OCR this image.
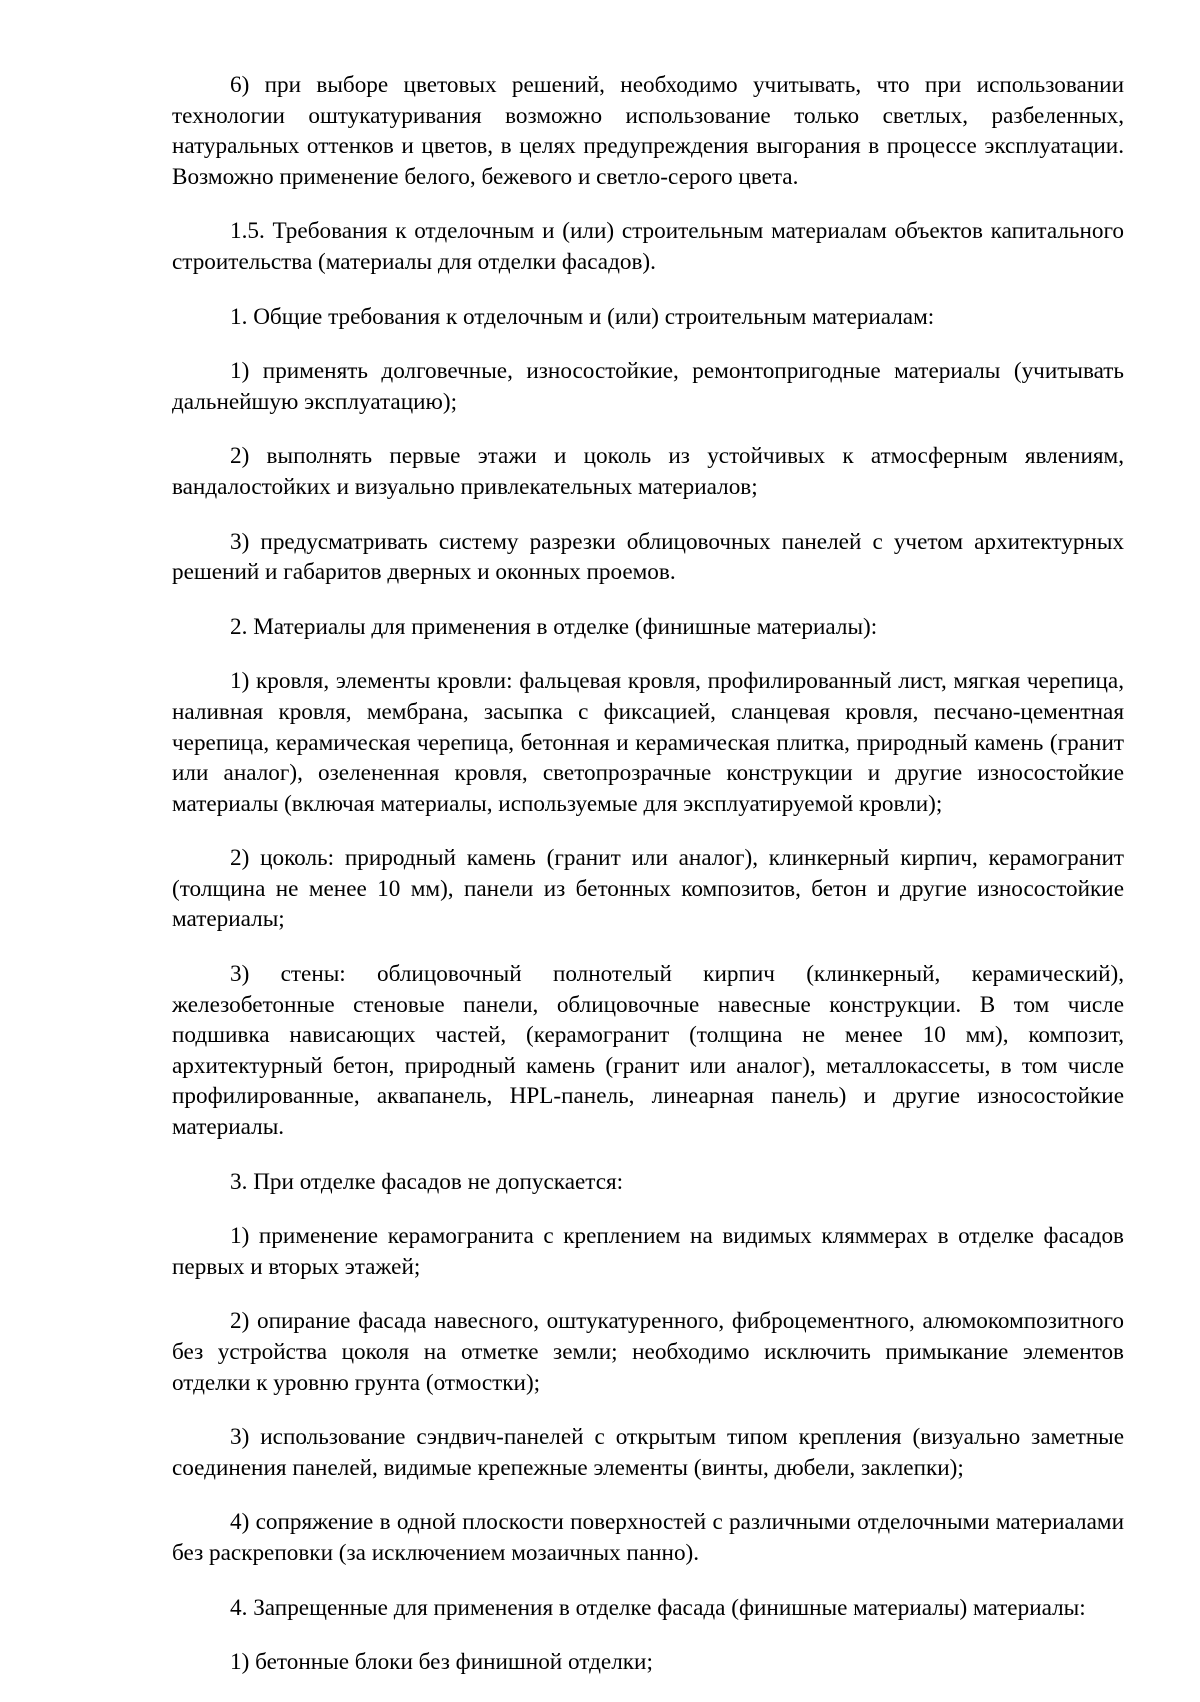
6) при выборе цветовых решений, необходимо учитывать, что при использовании технологии оштукатуривания возможно использование только светлых, разбеленных, натуральных оттенков и цветов, в целях предупреждения выгорания в процессе эксплуатации. Возможно применение белого, бежевого и светло-серого цвета.

1.5. Требования к отделочным и (или) строительным материалам объектов капитального строительства (материалы для отделки фасадов).

1. Общие требования к отделочным и (или) строительным материалам:

1) применять долговечные, износостойкие, ремонтопригодные материалы (учитывать дальнейшую эксплуатацию);

2) выполнять первые этажи и цоколь из устойчивых к атмосферным явлениям, вандалостойких и визуально привлекательных материалов;

3) предусматривать систему разрезки облицовочных панелей с учетом архитектурных решений и габаритов дверных и оконных проемов.

2. Материалы для применения в отделке (финишные материалы):

1) кровля, элементы кровли: фальцевая кровля, профилированный лист, мягкая черепица, наливная кровля, мембрана, засыпка с фиксацией, сланцевая кровля, песчано-цементная черепица, керамическая черепица, бетонная и керамическая плитка, природный камень (гранит или аналог), озелененная кровля, светопрозрачные конструкции и другие износостойкие материалы (включая материалы, используемые для эксплуатируемой кровли);

2) цоколь: природный камень (гранит или аналог), клинкерный кирпич, керамогранит (толщина не менее 10 мм), панели из бетонных композитов, бетон и другие износостойкие материалы;

3) стены: облицовочный полнотелый кирпич (клинкерный, керамический), железобетонные стеновые панели, облицовочные навесные конструкции. В том числе подшивка нависающих частей, (керамогранит (толщина не менее 10 мм), композит, архитектурный бетон, природный камень (гранит или аналог), металлокассеты, в том числе профилированные, аквапанель, HPL-панель, линеарная панель) и другие износостойкие материалы.

3. При отделке фасадов не допускается:

1) применение керамогранита с креплением на видимых кляммерах в отделке фасадов первых и вторых этажей;

2) опирание фасада навесного, оштукатуренного, фиброцементного, алюмокомпозитного без устройства цоколя на отметке земли; необходимо исключить примыкание элементов отделки к уровню грунта (отмостки);

3) использование сэндвич-панелей с открытым типом крепления (визуально заметные соединения панелей, видимые крепежные элементы (винты, дюбели, заклепки);

4) сопряжение в одной плоскости поверхностей с различными отделочными материалами без раскреповки (за исключением мозаичных панно).

4. Запрещенные для применения в отделке фасада (финишные материалы) материалы:

1) бетонные блоки без финишной отделки;
